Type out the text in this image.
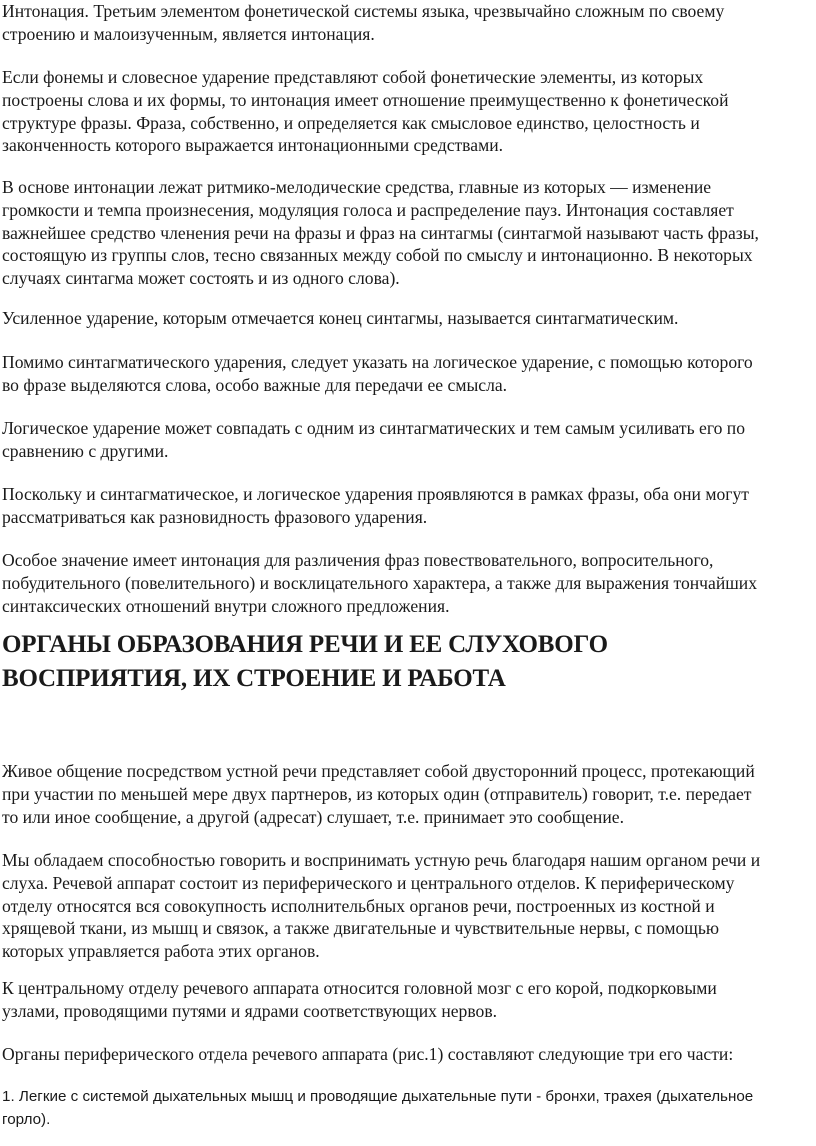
Интонация. Третьим элементом фонетической системы языка, чрезвычайно сложным по своему
строению и малоизученным, является интонация.

Если фонемы и словесное ударение представляют собой фонетические элементы, из которых
построены слова и их формы, то интонация имеет отношение преимущественно к фонетической
структуре фразы. Фраза, собственно, и определяется как смысловое единство, целостность и
законченность которого выражается интонационными средствами.

В основе интонации лежат ритмико-мелодические средства, главные из которых — изменение
громкости и темпа произнесения, модуляция голоса и распределение пауз. Интонация составляет
важнейшее средство членения речи на фразы и фраз на синтагмы (синтагмой называют часть фразы,
состоящую из группы слов, тесно связанных между собой по смыслу и интонационно. В некоторых
случаях синтагма может состоять и из одного слова).

Усиленное ударение, которым отмечается конец синтагмы, называется синтагматическим.

Помимо синтагматического ударения, следует указать на логическое ударение, с помощью которого
во фразе выделяются слова, особо важные для передачи ее смысла.

Логическое ударение может совпадать с одним из синтагматических и тем самым усиливать его по
сравнению с другими.

Поскольку и синтагматическое, и логическое ударения проявляются в рамках фразы, оба они могут
рассматриваться как разновидность фразового ударения.

Особое значение имеет интонация для различения фраз повествовательного, вопросительного,
побудительного (повелительного) и восклицательного характера, а также для выражения тончайших
синтаксических отношений внутри сложного предложения.

ОРГАНЫ ОБРАЗОВАНИЯ РЕЧИ И ЕЕ СЛУХОВОГО
ВОСПРИЯТИЯ, ИХ СТРОЕНИЕ И РАБОТА

Живое общение посредством устной речи представляет собой двусторонний процесс, протекающий
при участии по меньшей мере двух партнеров, из которых один (отправитель) говорит, т.е. передает
то или иное сообщение, а другой (адресат) слушает, т.е. принимает это сообщение.

Мы обладаем способностью говорить и воспринимать устную речь благодаря нашим органом речи и
слуха. Речевой аппарат состоит из периферического и центрального отделов. К периферическому
отделу относятся вся совокупность исполнительбных органов речи, построенных из костной и
хрящевой ткани, из мышц и связок, а также двигательные и чувствительные нервы, с помощью
которых управляется работа этих органов.

К центральному отделу речевого аппарата относится головной мозг с его корой, подкорковыми
узлами, проводящими путями и ядрами соответствующих нервов.

Органы периферического отдела речевого аппарата (рис.1) составляют следующие три его части:

1. Легкие с системой дыхательных мышц и проводящие дыхательные пути - бронхи, трахея (дыхательное
горло).
